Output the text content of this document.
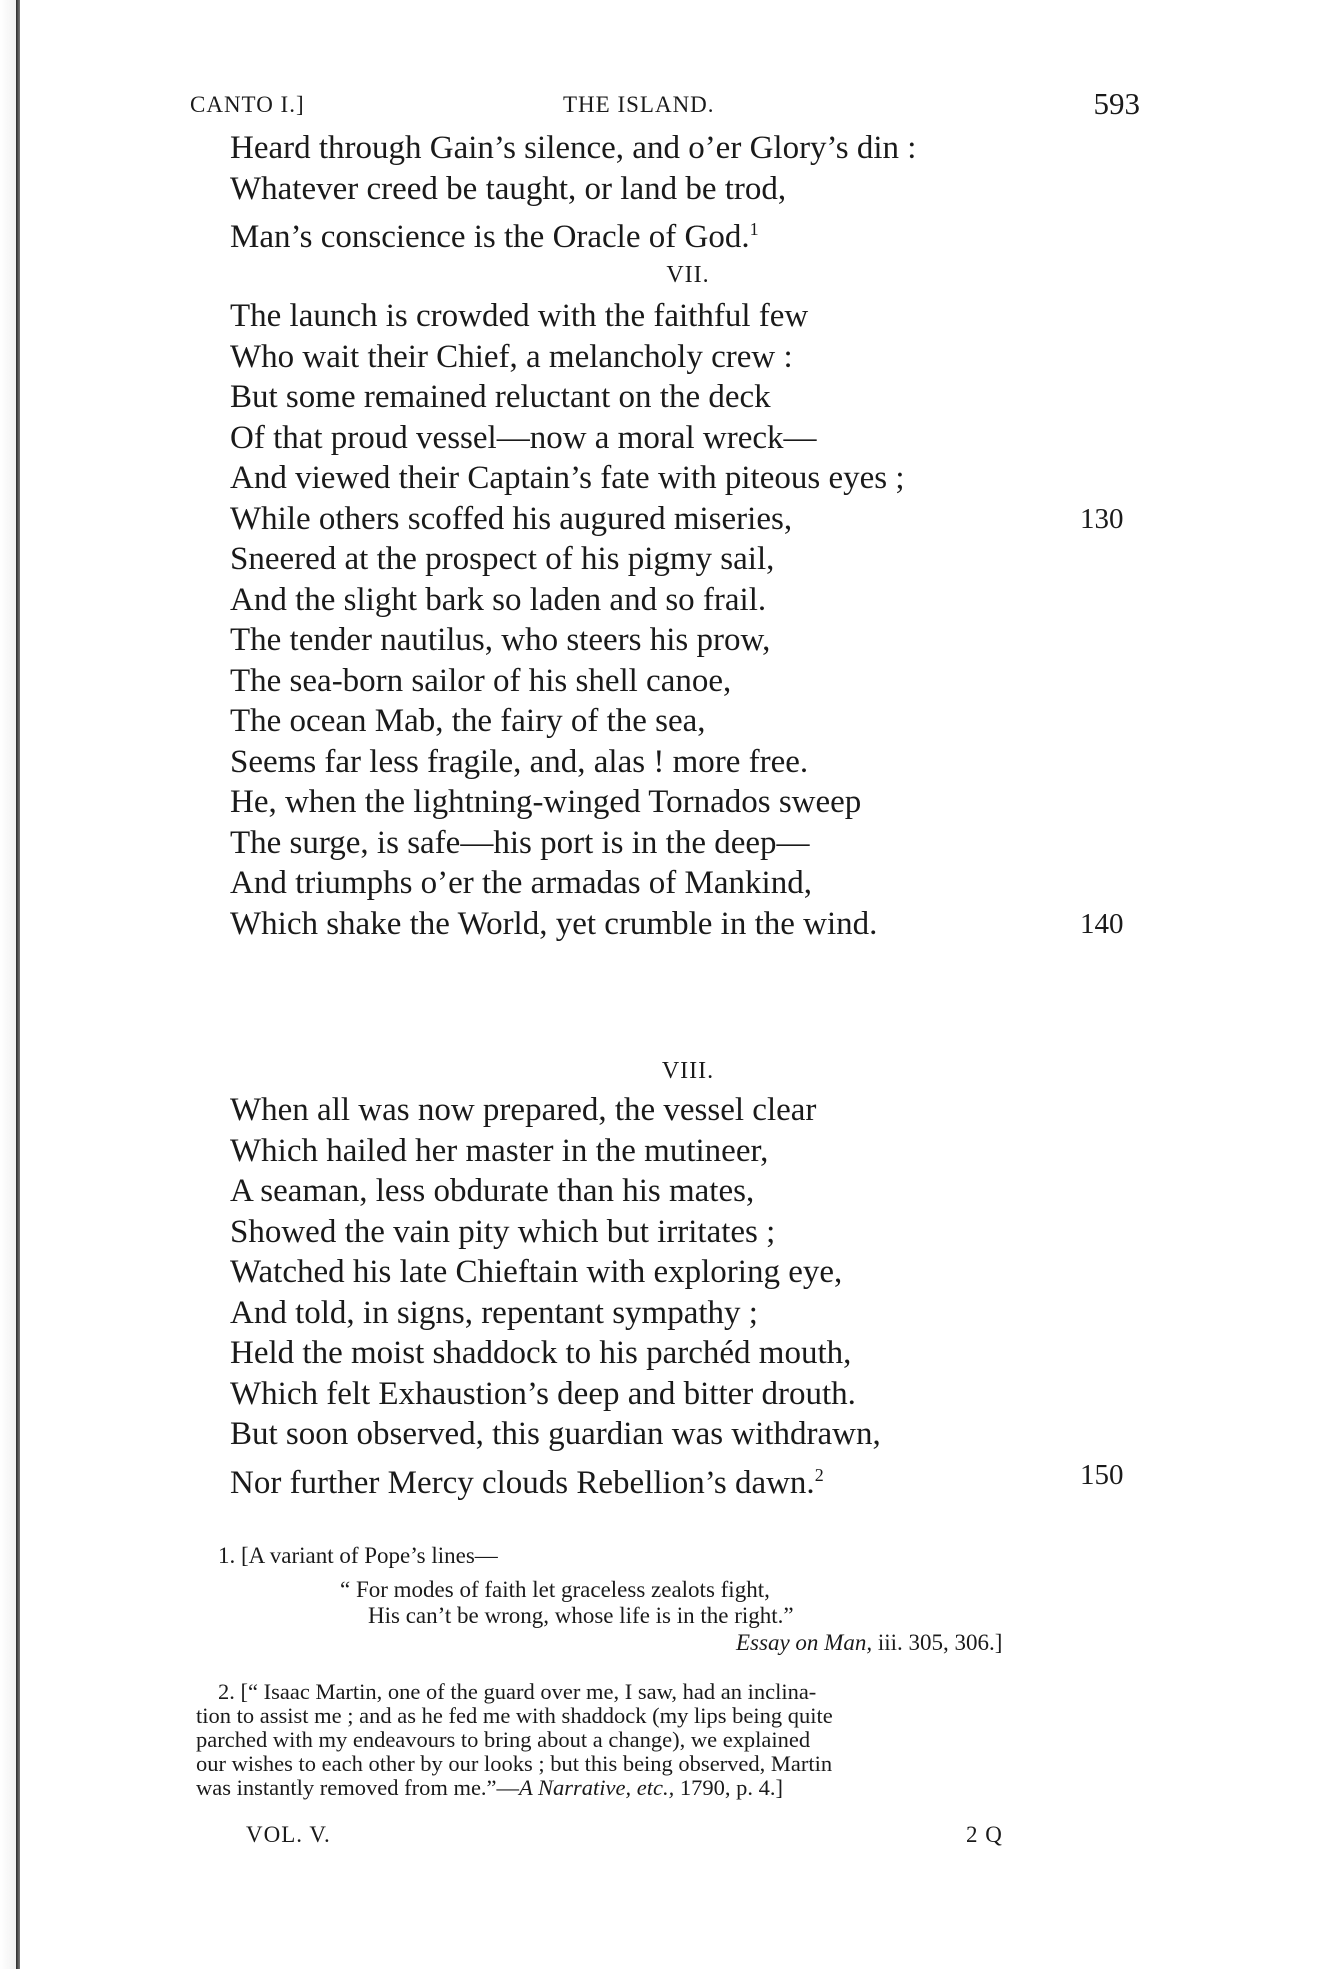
CANTO I.]	THE ISLAND.	593
Heard through Gain’s silence, and o’er Glory’s din :
Whatever creed be taught, or land be trod,
Man’s conscience is the Oracle of God.$^1$
VII.
The launch is crowded with the faithful few
Who wait their Chief, a melancholy crew :
But some remained reluctant on the deck
Of that proud vessel—now a moral wreck—
And viewed their Captain’s fate with piteous eyes ;
While others scoffed his augured miseries,	130
Sneered at the prospect of his pigmy sail,
And the slight bark so laden and so frail.
The tender nautilus, who steers his prow,
The sea-born sailor of his shell canoe,
The ocean Mab, the fairy of the sea,
Seems far less fragile, and, alas ! more free.
He, when the lightning-winged Tornados sweep
The surge, is safe—his port is in the deep—
And triumphs o’er the armadas of Mankind,
Which shake the World, yet crumble in the wind.	140
VIII.
When all was now prepared, the vessel clear
Which hailed her master in the mutineer,
A seaman, less obdurate than his mates,
Showed the vain pity which but irritates ;
Watched his late Chieftain with exploring eye,
And told, in signs, repentant sympathy ;
Held the moist shaddock to his parchéd mouth,
Which felt Exhaustion’s deep and bitter drouth.
But soon observed, this guardian was withdrawn,
Nor further Mercy clouds Rebellion’s dawn.$^2$	150
1. [A variant of Pope’s lines—
“ For modes of faith let graceless zealots fight,
His can’t be wrong, whose life is in the right.”
Essay on Man, iii. 305, 306.]
2. [“ Isaac Martin, one of the guard over me, I saw, had an inclina-
tion to assist me ; and as he fed me with shaddock (my lips being quite
parched with my endeavours to bring about a change), we explained
our wishes to each other by our looks ; but this being observed, Martin
was instantly removed from me.”—A Narrative, etc., 1790, p. 4.]
VOL. V.	2 Q
